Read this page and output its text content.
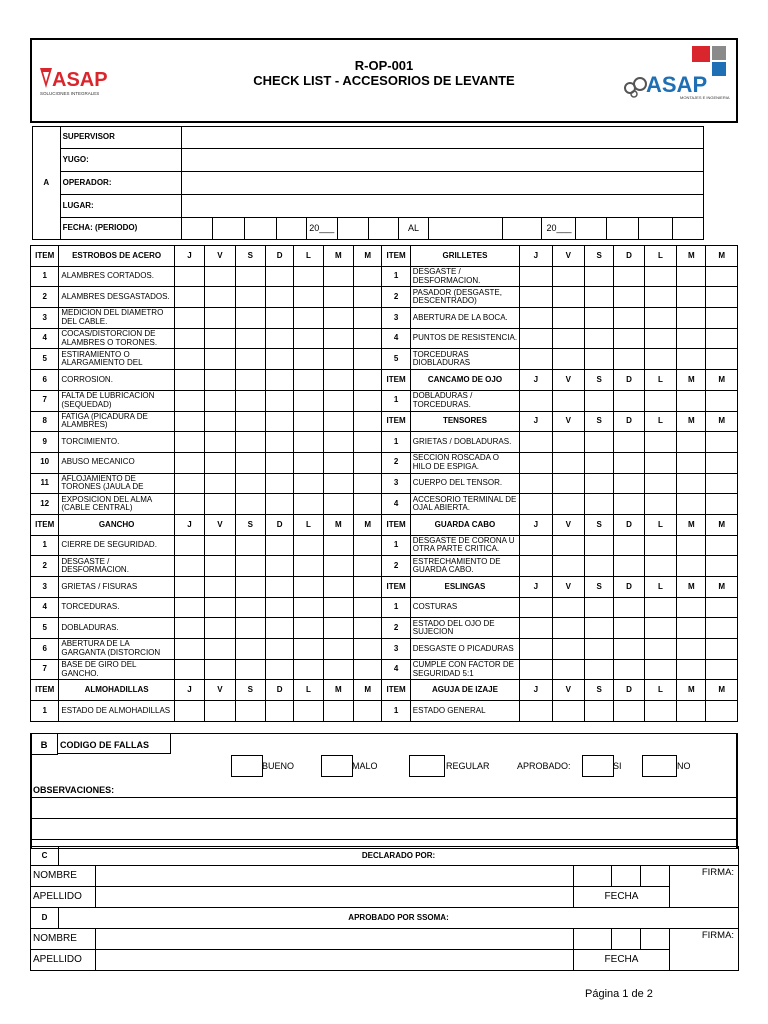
ASAP
SOLUCIONES INTEGRALES
R-OP-001
CHECK LIST - ACCESORIOS DE LEVANTE	ASAP
MONTAJES E INGENIERIA
A	SUPERVISOR															
	YUGO:															
	OPERADOR:															
	LUGAR:															
	FECHA: (PERIODO)					20___			AL			20___				
ITEM	ESTROBOS DE ACERO	J	V	S	D	L	M	M	ITEM	GRILLETES	J	V	S	D	L	M	M
1	ALAMBRES CORTADOS.								1	DESGASTE / DESFORMACION.							
2	ALAMBRES DESGASTADOS.								2	PASADOR (DESGASTE, DESCENTRADO)							
3	MEDICION DEL DIAMETRO DEL CABLE.								3	ABERTURA DE LA BOCA.							
4	COCAS/DISTORCION DE ALAMBRES O TORONES.								4	PUNTOS DE RESISTENCIA.							
5	ESTIRAMIENTO O ALARGAMIENTO DEL								5	TORCEDURAS DIOBLADURAS							
6	CORROSION.								ITEM	CANCAMO DE OJO	J	V	S	D	L	M	M
7	FALTA DE LUBRICACION (SEQUEDAD)								1	DOBLADURAS / TORCEDURAS.							
8	FATIGA (PICADURA DE ALAMBRES)								ITEM	TENSORES	J	V	S	D	L	M	M
9	TORCIMIENTO.								1	GRIETAS / DOBLADURAS.							
10	ABUSO MECANICO								2	SECCION ROSCADA O HILO DE ESPIGA.							
11	AFLOJAMIENTO DE TORONES (JAULA DE								3	CUERPO DEL TENSOR.							
12	EXPOSICION DEL ALMA (CABLE CENTRAL)								4	ACCESORIO TERMINAL DE OJAL ABIERTA.							
ITEM	GANCHO	J	V	S	D	L	M	M	ITEM	GUARDA CABO	J	V	S	D	L	M	M
1	CIERRE DE SEGURIDAD.								1	DESGASTE DE CORONA U OTRA PARTE CRITICA.							
2	DESGASTE / DESFORMACION.								2	ESTRECHAMIENTO DE GUARDA CABO.							
3	GRIETAS / FISURAS								ITEM	ESLINGAS	J	V	S	D	L	M	M
4	TORCEDURAS.								1	COSTURAS							
5	DOBLADURAS.								2	ESTADO DEL OJO DE SUJECION							
6	ABERTURA DE LA GARGANTA (DISTORCION								3	DESGASTE O PICADURAS							
7	BASE DE GIRO DEL GANCHO.								4	CUMPLE CON FACTOR DE SEGURIDAD 5:1							
ITEM	ALMOHADILLAS	J	V	S	D	L	M	M	ITEM	AGUJA DE IZAJE	J	V	S	D	L	M	M
1	ESTADO DE ALMOHADILLAS								1	ESTADO GENERAL							
B	CODIGO DE FALLAS
BUENO	MALO	REGULAR	APROBADO:	SI	NO
OBSERVACIONES:
C	DECLARADO POR:					
NOMBRE						FIRMA:
APELLIDO			FECHA			
D	APROBADO POR SSOMA:					
NOMBRE						FIRMA:
APELLIDO			FECHA			
Página 1 de 2
